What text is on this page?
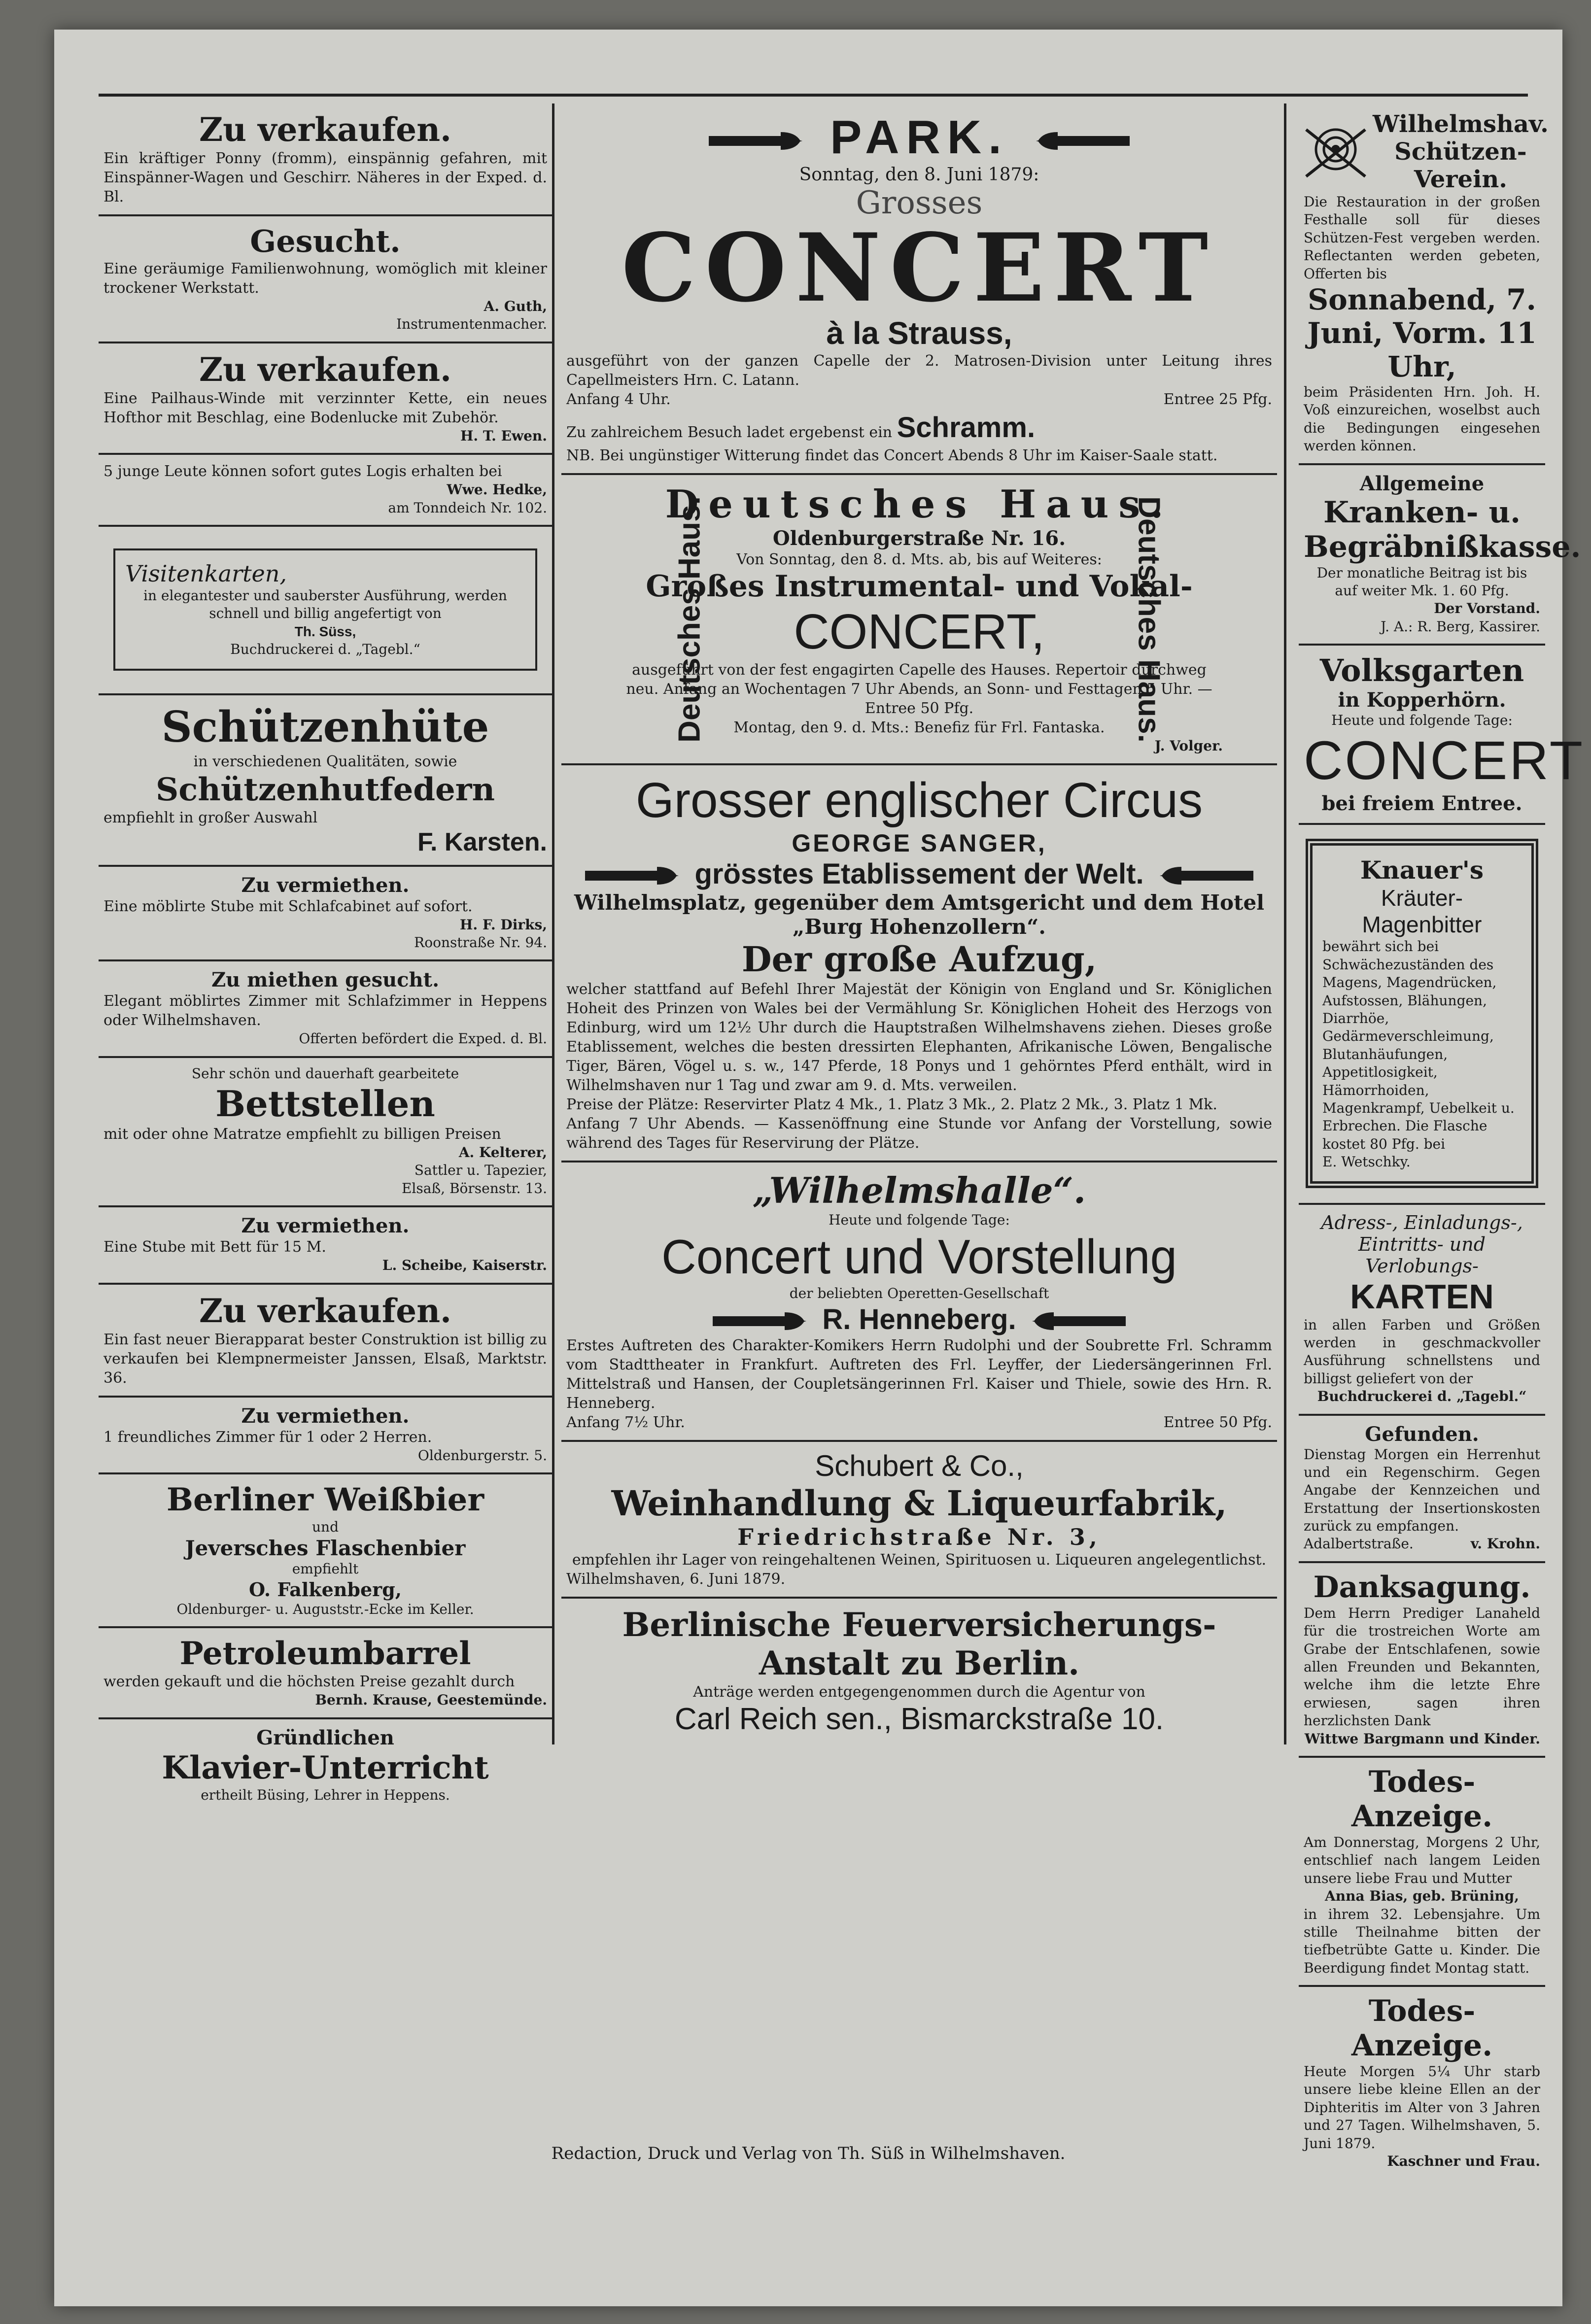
Zu verkaufen.

Ein kräftiger Ponny (fromm), einspännig gefahren, mit Einspänner-Wagen und Geschirr. Näheres in der Exped. d. Bl.

Gesucht.

Eine geräumige Familienwohnung, womöglich mit kleiner trockener Werkstatt.

A. Guth,

Instrumentenmacher.

Zu verkaufen.

Eine Pailhaus-Winde mit verzinnter Kette, ein neues Hofthor mit Beschlag, eine Bodenlucke mit Zubehör.

H. T. Ewen.

5 junge Leute können sofort gutes Logis erhalten bei

Wwe. Hedke,

am Tonndeich Nr. 102.

Visitenkarten,

in elegantester und sauberster Ausführung, werden schnell und billig angefertigt von

Th. Süss,

Buchdruckerei d. „Tagebl.“

Schützenhüte

in verschiedenen Qualitäten, sowie

Schützenhutfedern

empfiehlt in großer Auswahl

F. Karsten.

Zu vermiethen.

Eine möblirte Stube mit Schlafcabinet auf sofort.

H. F. Dirks,

Roonstraße Nr. 94.

Zu miethen gesucht.

Elegant möblirtes Zimmer mit Schlafzimmer in Heppens oder Wilhelmshaven.

Offerten befördert die Exped. d. Bl.

Sehr schön und dauerhaft gearbeitete

Bettstellen

mit oder ohne Matratze empfiehlt zu billigen Preisen

A. Kelterer,

Sattler u. Tapezier,

Elsaß, Börsenstr. 13.

Zu vermiethen.

Eine Stube mit Bett für 15 M.

L. Scheibe, Kaiserstr.

Zu verkaufen.

Ein fast neuer Bierapparat bester Construktion ist billig zu verkaufen bei Klempnermeister Janssen, Elsaß, Marktstr. 36.

Zu vermiethen.

1 freundliches Zimmer für 1 oder 2 Herren.

Oldenburgerstr. 5.

Berliner Weißbier

und

Jeversches Flaschenbier

empfiehlt

O. Falkenberg,

Oldenburger- u. Auguststr.-Ecke im Keller.

Petroleumbarrel

werden gekauft und die höchsten Preise gezahlt durch

Bernh. Krause, Geestemünde.

Gründlichen

Klavier-Unterricht

ertheilt Büsing, Lehrer in Heppens.

PARK.

Sonntag, den 8. Juni 1879:

Grosses

CONCERT

à la Strauss,

ausgeführt von der ganzen Capelle der 2. Matrosen-Division unter Leitung ihres Capellmeisters Hrn. C. Latann.

Anfang 4 Uhr.	Entree 25 Pfg.

Zu zahlreichem Besuch ladet ergebenst ein Schramm.

NB. Bei ungünstiger Witterung findet das Concert Abends 8 Uhr im Kaiser-Saale statt.

Deutsches Haus.	Deutsches Haus.

Deutsches Haus.

Oldenburgerstraße Nr. 16.

Von Sonntag, den 8. d. Mts. ab, bis auf Weiteres:

Großes Instrumental- und Vokal-

CONCERT,

ausgeführt von der fest engagirten Capelle des Hauses. Repertoir durchweg neu. Anfang an Wochentagen 7 Uhr Abends, an Sonn- und Festtagen 5 Uhr. — Entree 50 Pfg.

Montag, den 9. d. Mts.: Benefiz für Frl. Fantaska.

J. Volger.

Grosser englischer Circus

GEORGE SANGER,

grösstes Etablissement der Welt.

Wilhelmsplatz, gegenüber dem Amtsgericht und dem Hotel „Burg Hohenzollern“.

Der große Aufzug,

welcher stattfand auf Befehl Ihrer Majestät der Königin von England und Sr. Königlichen Hoheit des Prinzen von Wales bei der Vermählung Sr. Königlichen Hoheit des Herzogs von Edinburg, wird um 12½ Uhr durch die Hauptstraßen Wilhelmshavens ziehen. Dieses große Etablissement, welches die besten dressirten Elephanten, Afrikanische Löwen, Bengalische Tiger, Bären, Vögel u. s. w., 147 Pferde, 18 Ponys und 1 gehörntes Pferd enthält, wird in Wilhelmshaven nur 1 Tag und zwar am 9. d. Mts. verweilen.

Preise der Plätze: Reservirter Platz 4 Mk., 1. Platz 3 Mk., 2. Platz 2 Mk., 3. Platz 1 Mk.

Anfang 7 Uhr Abends. — Kassenöffnung eine Stunde vor Anfang der Vorstellung, sowie während des Tages für Reservirung der Plätze.

„Wilhelmshalle“.

Heute und folgende Tage:

Concert und Vorstellung

der beliebten Operetten-Gesellschaft

R. Henneberg.

Erstes Auftreten des Charakter-Komikers Herrn Rudolphi und der Soubrette Frl. Schramm vom Stadttheater in Frankfurt. Auftreten des Frl. Leyffer, der Liedersängerinnen Frl. Mittelstraß und Hansen, der Coupletsängerinnen Frl. Kaiser und Thiele, sowie des Hrn. R. Henneberg.

Anfang 7½ Uhr.	Entree 50 Pfg.

Schubert & Co.,

Weinhandlung & Liqueurfabrik,

Friedrichstraße Nr. 3,

empfehlen ihr Lager von reingehaltenen Weinen, Spirituosen u. Liqueuren angelegentlichst.

Wilhelmshaven, 6. Juni 1879.

Berlinische Feuerversicherungs-Anstalt zu Berlin.

Anträge werden entgegengenommen durch die Agentur von

Carl Reich sen., Bismarckstraße 10.

Wilhelmshav. Schützen-Verein.

Die Restauration in der großen Festhalle soll für dieses Schützen-Fest vergeben werden. Reflectanten werden gebeten, Offerten bis

Sonnabend, 7. Juni, Vorm. 11 Uhr,

beim Präsidenten Hrn. Joh. H. Voß einzureichen, woselbst auch die Bedingungen eingesehen werden können.

Allgemeine

Kranken- u. Begräbnißkasse.

Der monatliche Beitrag ist bis auf weiter Mk. 1. 60 Pfg.

Der Vorstand.

J. A.: R. Berg, Kassirer.

Volksgarten

in Kopperhörn.

Heute und folgende Tage:

CONCERT

bei freiem Entree.

Knauer's

Kräuter-Magenbitter

bewährt sich bei Schwächezuständen des Magens, Magendrücken, Aufstossen, Blähungen, Diarrhöe, Gedärmeverschleimung, Blutanhäufungen, Appetitlosigkeit, Hämorrhoiden, Magenkrampf, Uebelkeit u. Erbrechen. Die Flasche kostet 80 Pfg. bei

E. Wetschky.

Adress-, Einladungs-, Eintritts- und Verlobungs-

KARTEN

in allen Farben und Größen werden in geschmackvoller Ausführung schnellstens und billigst geliefert von der

Buchdruckerei d. „Tagebl.“

Gefunden.

Dienstag Morgen ein Herrenhut und ein Regenschirm. Gegen Angabe der Kennzeichen und Erstattung der Insertionskosten zurück zu empfangen.

Adalbertstraße.	v. Krohn.

Danksagung.

Dem Herrn Prediger Lanaheld für die trostreichen Worte am Grabe der Entschlafenen, sowie allen Freunden und Bekannten, welche ihm die letzte Ehre erwiesen, sagen ihren herzlichsten Dank

Wittwe Bargmann und Kinder.

Todes-Anzeige.

Am Donnerstag, Morgens 2 Uhr, entschlief nach langem Leiden unsere liebe Frau und Mutter

Anna Bias, geb. Brüning,

in ihrem 32. Lebensjahre. Um stille Theilnahme bitten der tiefbetrübte Gatte u. Kinder. Die Beerdigung findet Montag statt.

Todes-Anzeige.

Heute Morgen 5¼ Uhr starb unsere liebe kleine Ellen an der Diphteritis im Alter von 3 Jahren und 27 Tagen. Wilhelmshaven, 5. Juni 1879.

Kaschner und Frau.

Redaction, Druck und Verlag von Th. Süß in Wilhelmshaven.
